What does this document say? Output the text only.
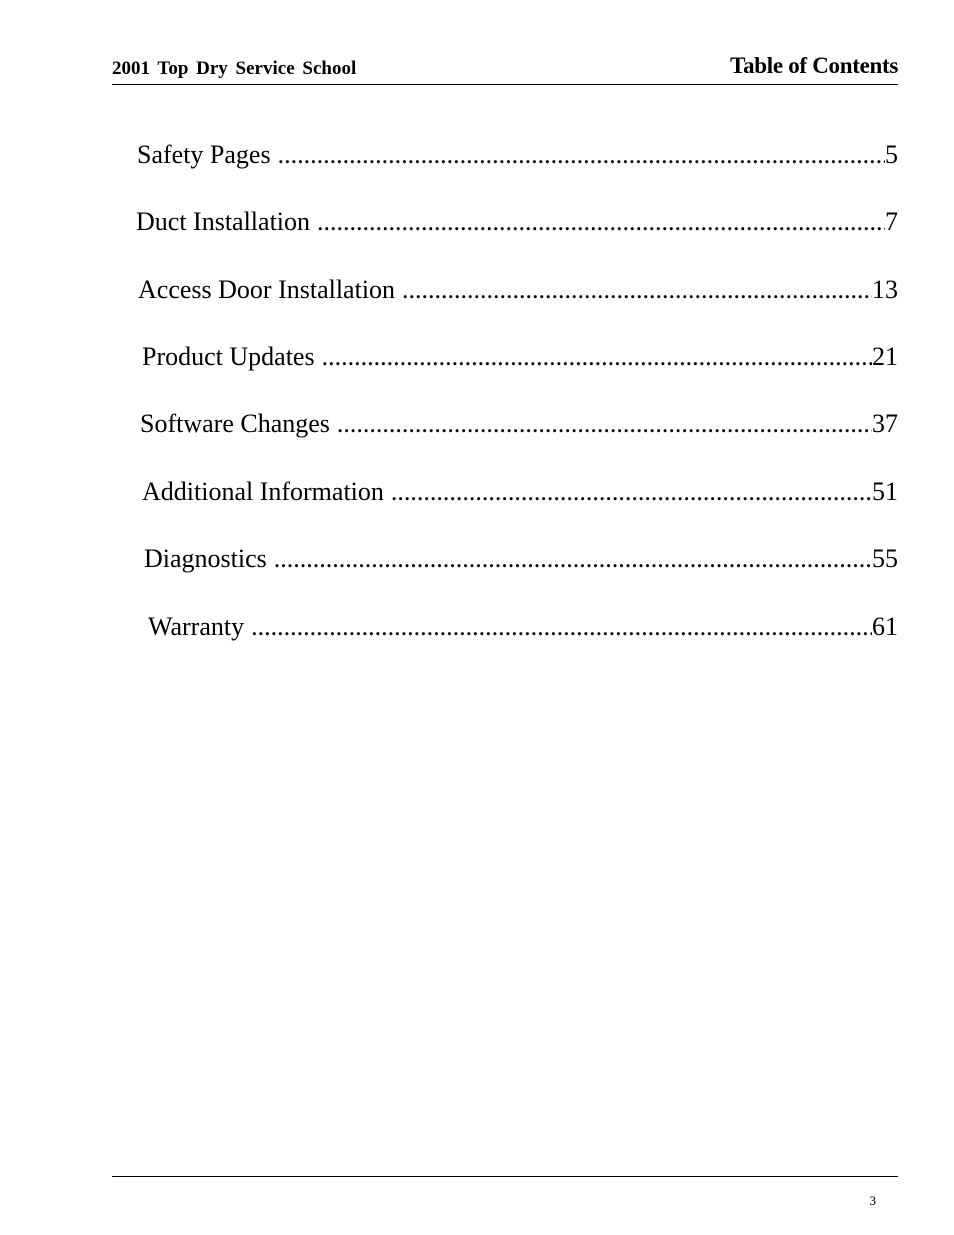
2001 Top Dry Service School	Table of Contents
Safety Pages .....	5
Duct Installation .....	7
Access Door Installation .....	13
Product Updates .....	21
Software Changes .....	37
Additional Information .....	51
Diagnostics .....	55
Warranty .....	61
3
